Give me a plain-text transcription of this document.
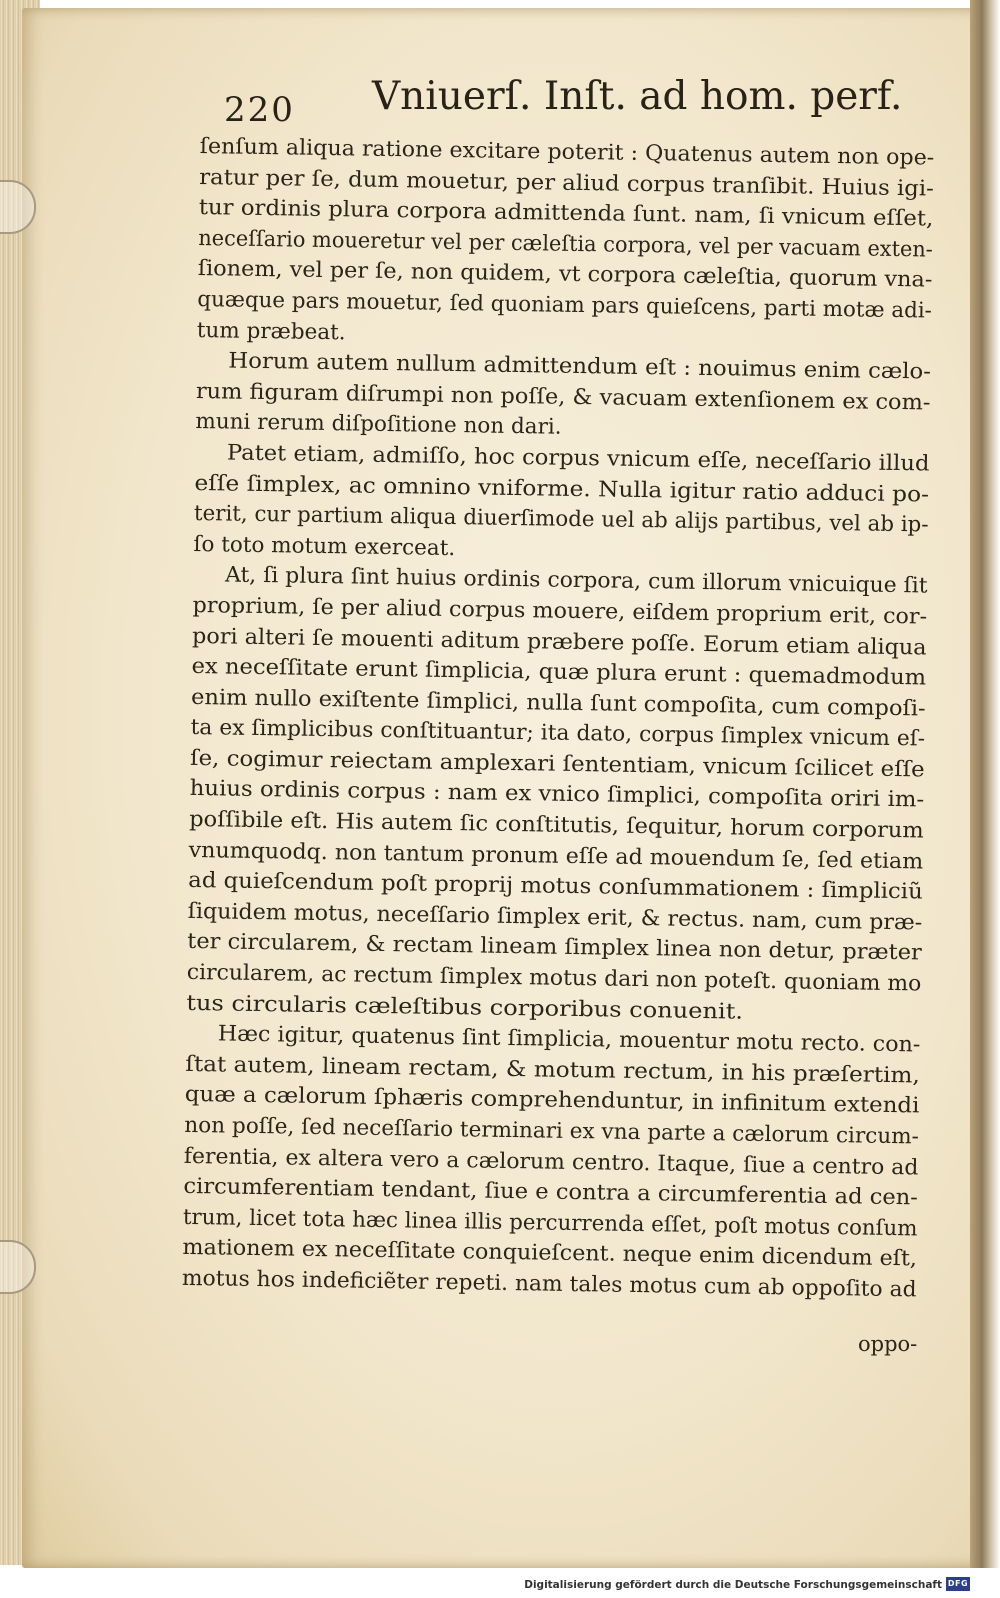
220 Vniuerſ. Inſt. ad hom. perf.
ſenſum aliqua ratione excitare poterit : Quatenus autem non ope-
ratur per ſe, dum mouetur, per aliud corpus tranſibit. Huius igi-
tur ordinis plura corpora admittenda ſunt. nam, ſi vnicum eſſet,
neceſſario moueretur vel per cæleſtia corpora, vel per vacuam exten-
ſionem, vel per ſe, non quidem, vt corpora cæleſtia, quorum vna-
quæque pars mouetur, ſed quoniam pars quieſcens, parti motæ adi-
tum præbeat.
Horum autem nullum admittendum eſt : nouimus enim cælo-
rum figuram diſrumpi non poſſe, & vacuam extenſionem ex com-
muni rerum diſpoſitione non dari.
Patet etiam, admiſſo, hoc corpus vnicum eſſe, neceſſario illud
eſſe ſimplex, ac omnino vniforme. Nulla igitur ratio adduci po-
terit, cur partium aliqua diuerſimode uel ab alijs partibus, vel ab ip-
ſo toto motum exerceat.
At, ſi plura ſint huius ordinis corpora, cum illorum vnicuique ſit
proprium, ſe per aliud corpus mouere, eiſdem proprium erit, cor-
pori alteri ſe mouenti aditum præbere poſſe. Eorum etiam aliqua
ex neceſſitate erunt ſimplicia, quæ plura erunt : quemadmodum
enim nullo exiſtente ſimplici, nulla ſunt compoſita, cum compoſi-
ta ex ſimplicibus conſtituantur; ita dato, corpus ſimplex vnicum eſ-
ſe, cogimur reiectam amplexari ſententiam, vnicum ſcilicet eſſe
huius ordinis corpus : nam ex vnico ſimplici, compoſita oriri im-
poſſibile eſt. His autem ſic conſtitutis, ſequitur, horum corporum
vnumquodq. non tantum pronum eſſe ad mouendum ſe, ſed etiam
ad quieſcendum poſt proprij motus conſummationem : ſimpliciũ
ſiquidem motus, neceſſario ſimplex erit, & rectus. nam, cum præ-
ter circularem, & rectam lineam ſimplex linea non detur, præter
circularem, ac rectum ſimplex motus dari non poteſt. quoniam mo
tus circularis cæleſtibus corporibus conuenit.
Hæc igitur, quatenus ſint ſimplicia, mouentur motu recto. con-
ſtat autem, lineam rectam, & motum rectum, in his præſertim,
quæ a cælorum ſphæris comprehenduntur, in infinitum extendi
non poſſe, ſed neceſſario terminari ex vna parte a cælorum circum-
ferentia, ex altera vero a cælorum centro. Itaque, ſiue a centro ad
circumferentiam tendant, ſiue e contra a circumferentia ad cen-
trum, licet tota hæc linea illis percurrenda eſſet, poſt motus conſum
mationem ex neceſſitate conquieſcent. neque enim dicendum eſt,
motus hos indeficiẽter repeti. nam tales motus cum ab oppoſito ad
oppo-
Digitalisierung gefördert durch die Deutsche Forschungsgemeinschaft DFG
